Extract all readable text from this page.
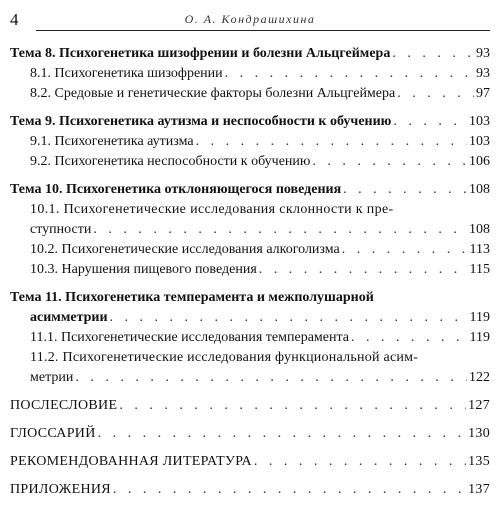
4	О. А. Кондрашихина
Тема 8. Психогенетика шизофрении и болезни Альцгеймера . . .	93
8.1. Психогенетика шизофрении . . .	93
8.2. Средовые и генетические факторы болезни Альцгеймера . . .	97
Тема 9. Психогенетика аутизма и неспособности к обучению . . .	103
9.1. Психогенетика аутизма . . .	103
9.2. Психогенетика неспособности к обучению . . .	106
Тема 10. Психогенетика отклоняющегося поведения . . .	108
10.1. Психогенетические исследования склонности к пре-
ступности . . .	108
10.2. Психогенетические исследования алкоголизма . . .	113
10.3. Нарушения пищевого поведения . . .	115
Тема 11. Психогенетика темперамента и межполушарной
асимметрии . . .	119
11.1. Психогенетические исследования темперамента . . .	119
11.2. Психогенетические исследования функциональной асим-
метрии . . .	122
ПОСЛЕСЛОВИЕ . . .	127
ГЛОССАРИЙ . . .	130
РЕКОМЕНДОВАННАЯ ЛИТЕРАТУРА . . .	135
ПРИЛОЖЕНИЯ . . .	137
